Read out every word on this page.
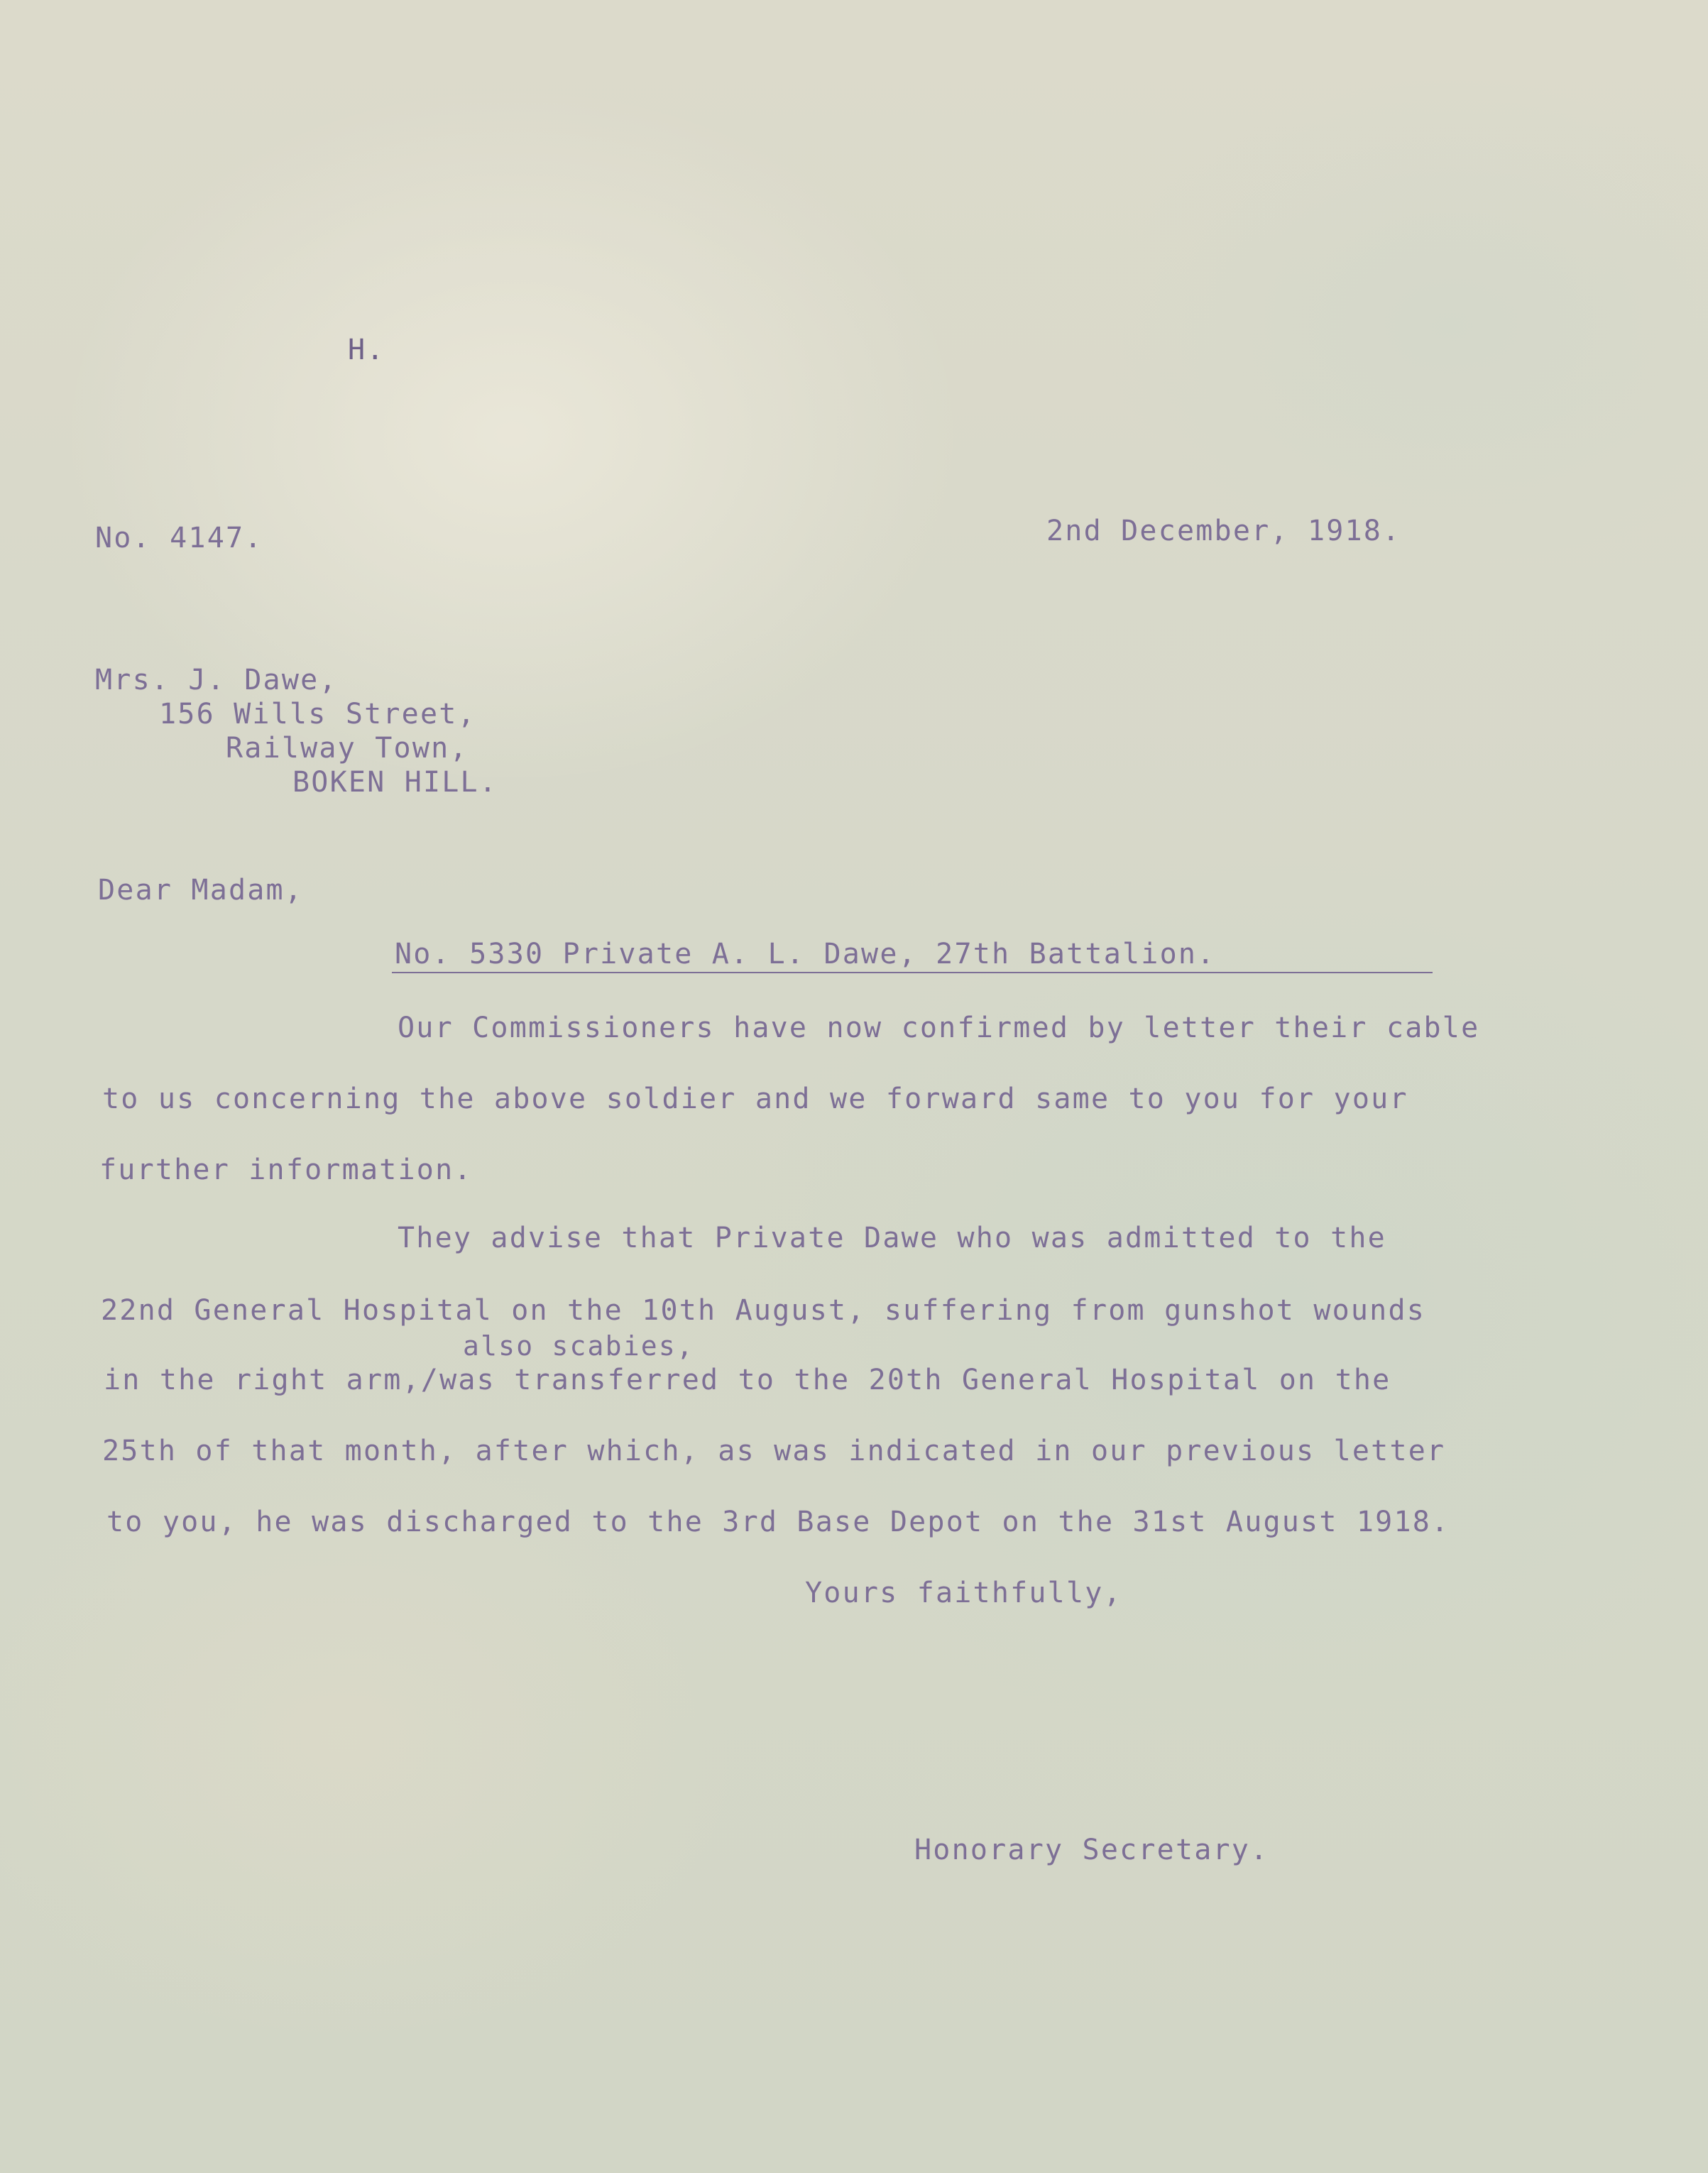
H.

No. 4147.	2nd December, 1918.

Mrs. J. Dawe,

156 Wills Street,

Railway Town,

BOKEN HILL.

Dear Madam,

No. 5330 Private A. L. Dawe, 27th Battalion.

Our Commissioners have now confirmed by letter their cable

to us concerning the above soldier and we forward same to you for your

further information.

They advise that Private Dawe who was admitted to the

22nd General Hospital on the 10th August, suffering from gunshot wounds

also scabies,

in the right arm,/was transferred to the 20th General Hospital on the

25th of that month, after which, as was indicated in our previous letter

to you, he was discharged to the 3rd Base Depot on the 31st August 1918.

Yours faithfully,

Honorary Secretary.
